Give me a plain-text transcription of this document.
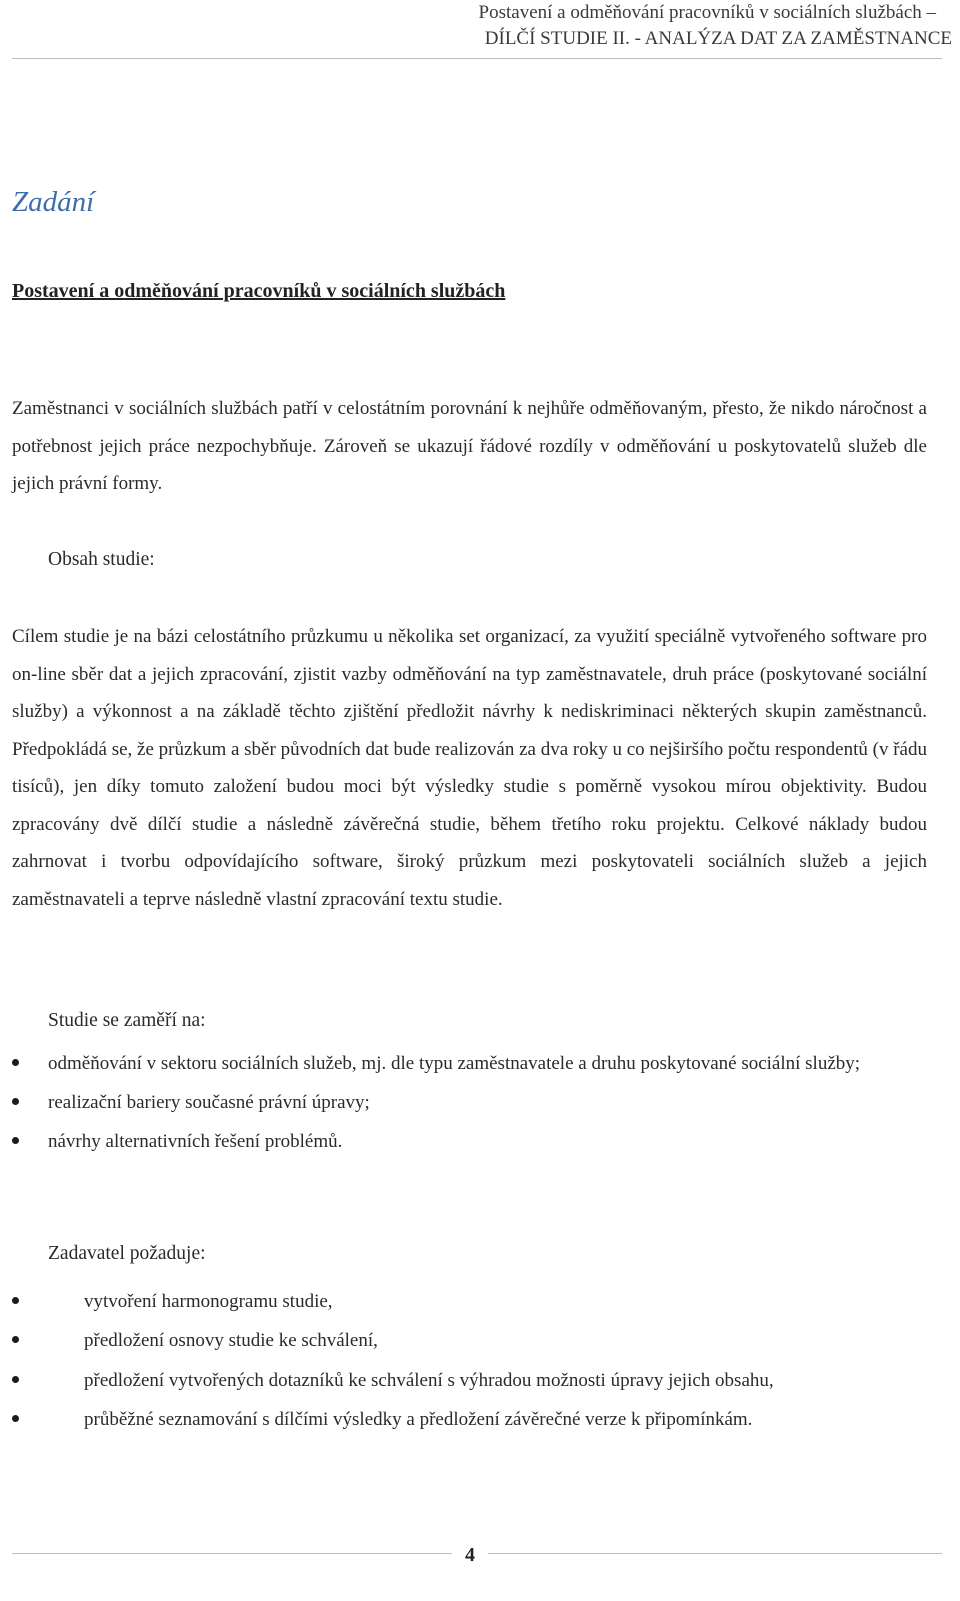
Postavení a odměňování pracovníků v sociálních službách –
DÍLČÍ STUDIE II. - ANALÝZA DAT ZA ZAMĚSTNANCE
Zadání
Postavení a odměňování pracovníků v sociálních službách

Zaměstnanci v sociálních službách patří v celostátním porovnání k nejhůře odměňovaným, přesto, že nikdo náročnost a potřebnost jejich práce nezpochybňuje. Zároveň se ukazují řádové rozdíly v odměňování u poskytovatelů služeb dle jejich právní formy.

Obsah studie:

Cílem studie je na bázi celostátního průzkumu u několika set organizací, za využití speciálně vytvořeného software pro on-line sběr dat a jejich zpracování, zjistit vazby odměňování na typ zaměstnavatele, druh práce (poskytované sociální služby) a výkonnost a na základě těchto zjištění předložit návrhy k nediskriminaci některých skupin zaměstnanců. Předpokládá se, že průzkum a sběr původních dat bude realizován za dva roky u co nejširšího počtu respondentů (v řádu tisíců), jen díky tomuto založení budou moci být výsledky studie s poměrně vysokou mírou objektivity. Budou zpracovány dvě dílčí studie a následně závěrečná studie, během třetího roku projektu. Celkové náklady budou zahrnovat i tvorbu odpovídajícího software, široký průzkum mezi poskytovateli sociálních služeb a jejich zaměstnavateli a teprve následně vlastní zpracování textu studie.

Studie se zaměří na:

odměňování v sektoru sociálních služeb, mj. dle typu zaměstnavatele a druhu poskytované sociální služby;
realizační bariery současné právní úpravy;
návrhy alternativních řešení problémů.

Zadavatel požaduje:

vytvoření harmonogramu studie,
předložení osnovy studie ke schválení,
předložení vytvořených dotazníků ke schválení s výhradou možnosti úpravy jejich obsahu,
průběžné seznamování s dílčími výsledky a předložení závěrečné verze k připomínkám.
4
